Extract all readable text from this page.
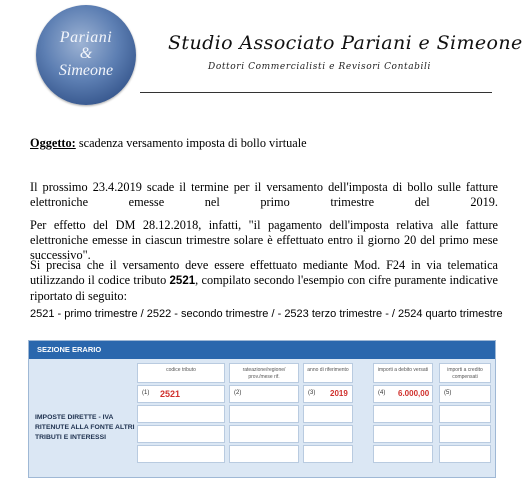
Pariani
&
Simeone
Studio Associato Pariani e Simeone
Dottori Commercialisti e Revisori Contabili
Oggetto: scadenza versamento imposta di bollo virtuale
Il prossimo 23.4.2019 scade il termine per il versamento dell'imposta di bollo sulle fatture elettroniche emesse nel primo trimestre del 2019.
Per effetto del DM 28.12.2018, infatti, "il pagamento dell'imposta relativa alle fatture elettroniche emesse in ciascun trimestre solare è effettuato entro il giorno 20 del primo mese successivo".
Si precisa che il versamento deve essere effettuato mediante Mod. F24 in via telematica utilizzando il codice tributo 2521, compilato secondo l'esempio con cifre puramente indicative riportato di seguito:
2521 - primo trimestre / 2522 - secondo trimestre / - 2523 terzo trimestre - / 2524 quarto trimestre
SEZIONE ERARIO
IMPOSTE DIRETTE - IVA RITENUTE ALLA FONTE ALTRI TRIBUTI E INTERESSI
codice tributo
(1) 2521
rateazione/regione/ prov./mese rif.
(2)
anno di riferimento
(3) 2019
importi a debito versati
(4) 6.000,00
importi a credito compensati
(5)
